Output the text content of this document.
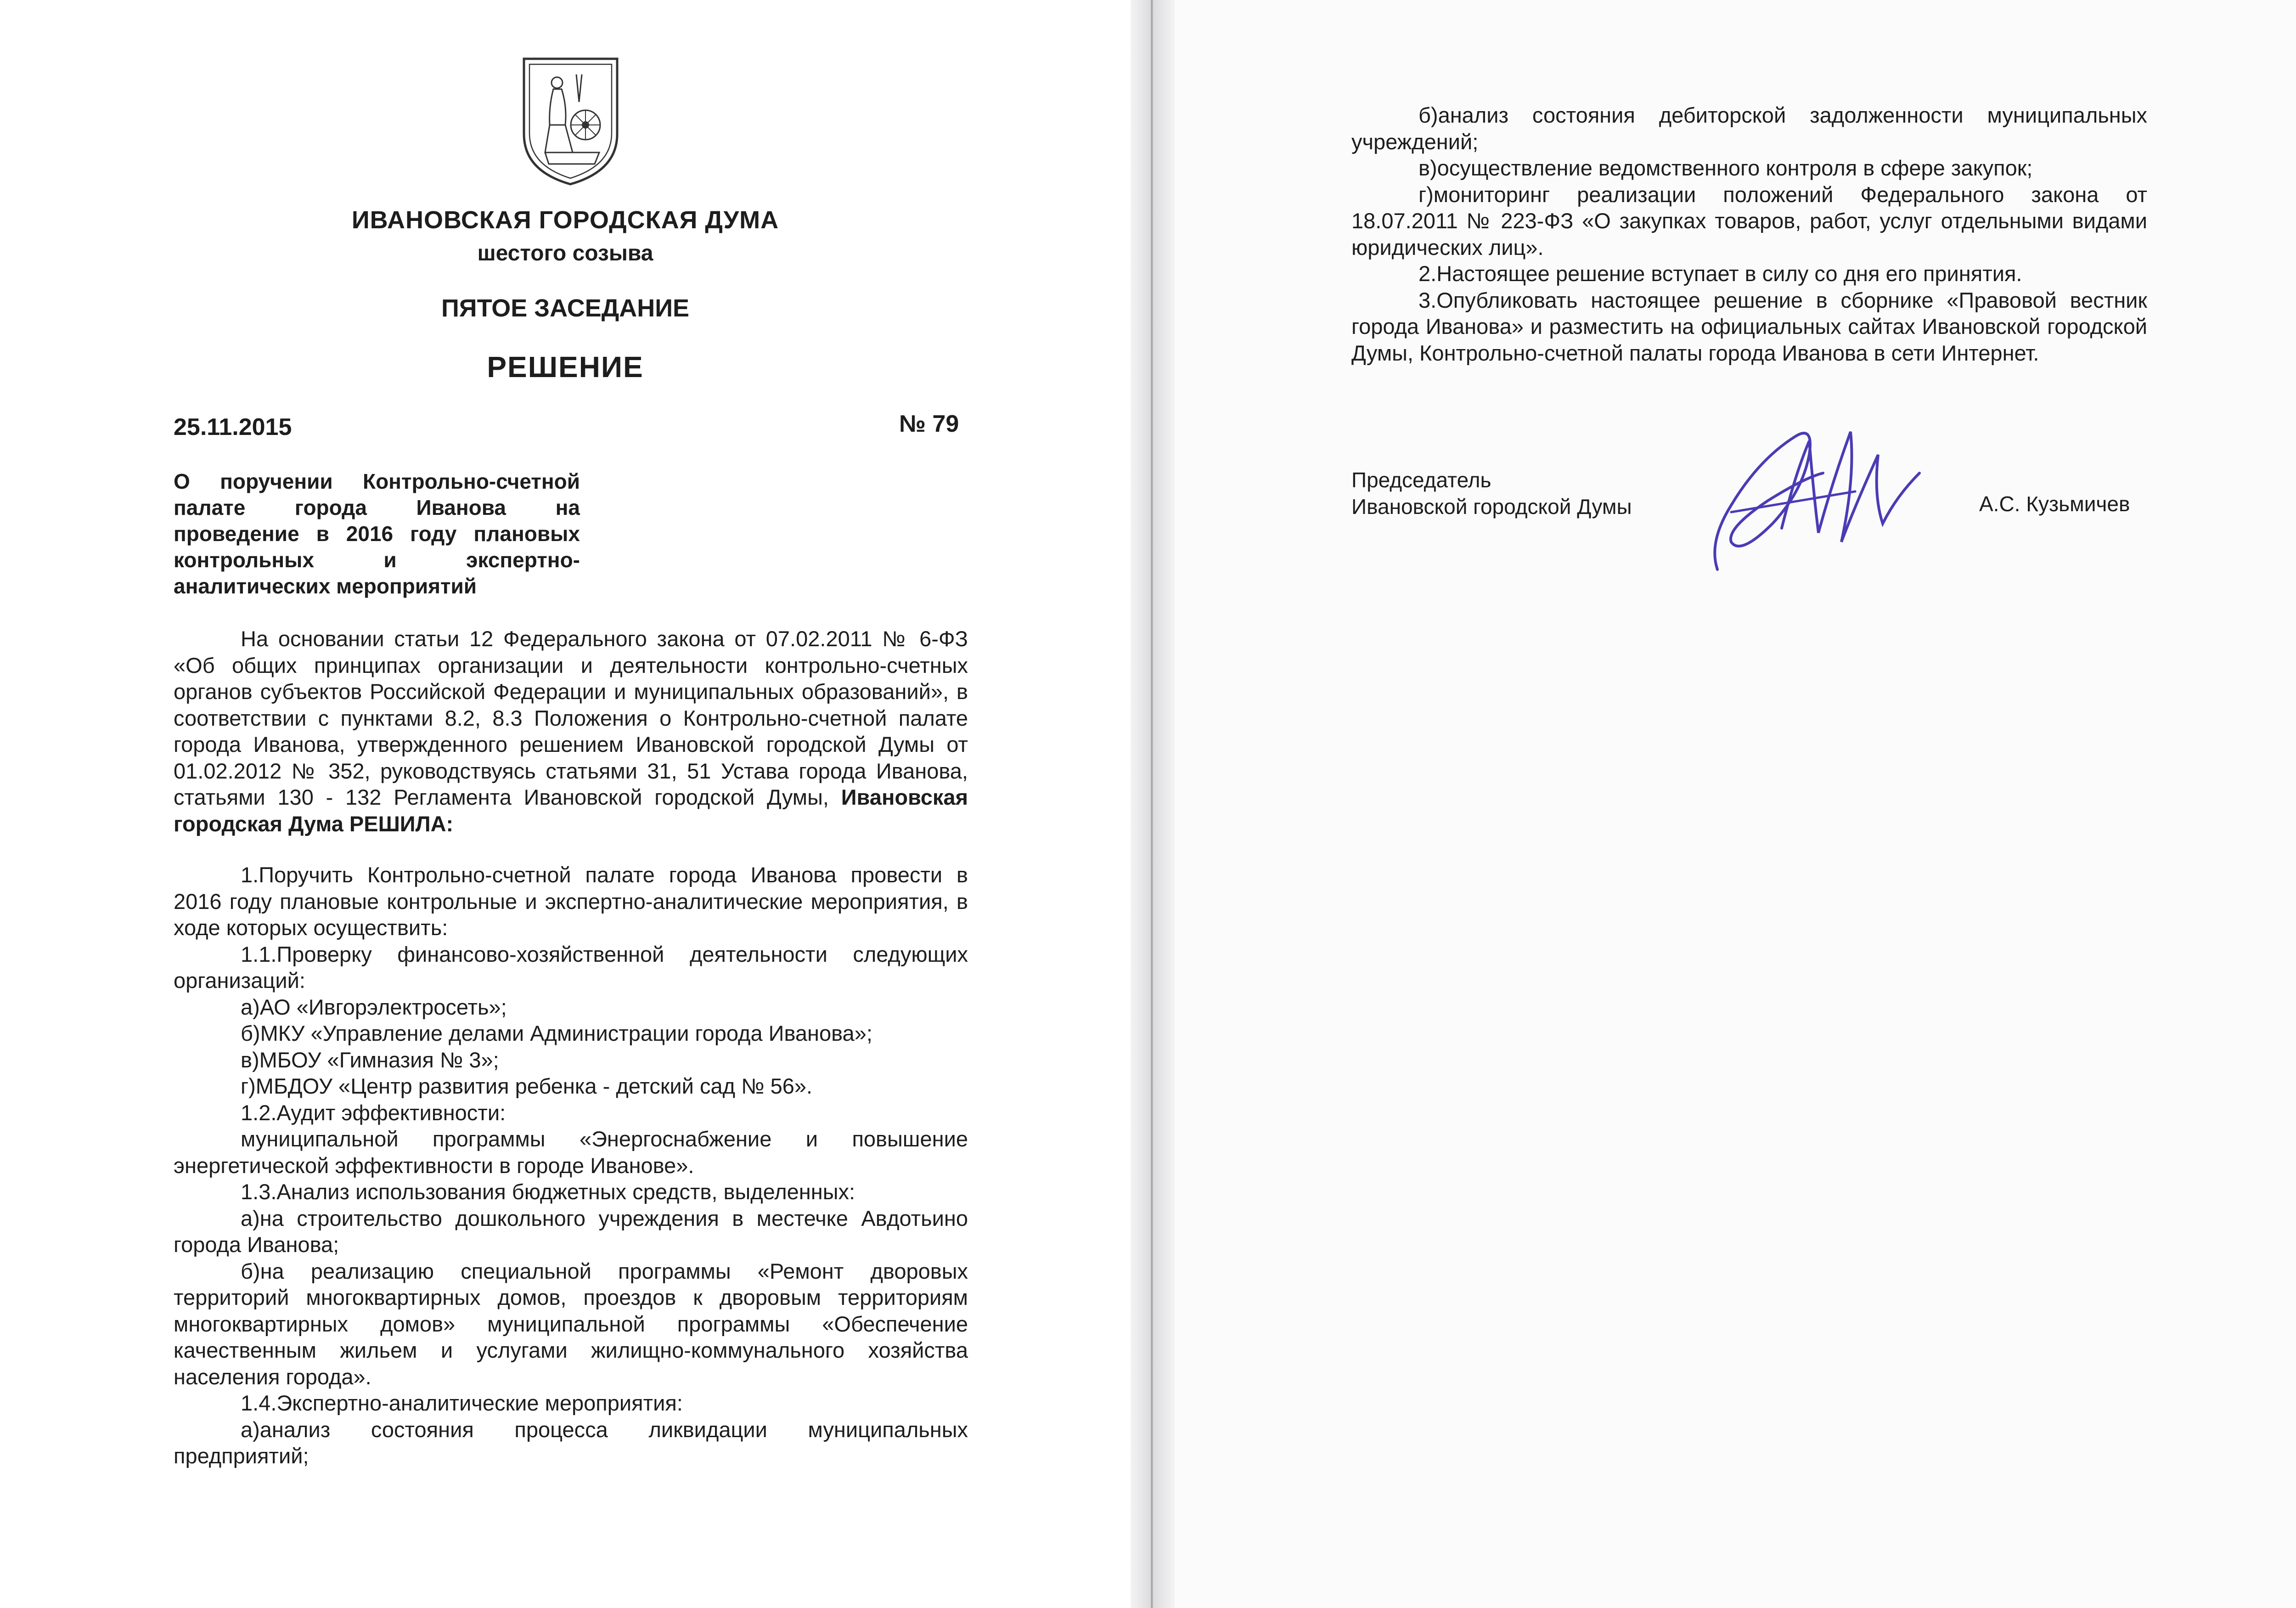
ИВАНОВСКАЯ ГОРОДСКАЯ ДУМА
шестого созыва
ПЯТОЕ ЗАСЕДАНИЕ
РЕШЕНИЕ
25.11.2015	№ 79
О поручении Контрольно-счетной палате города Иванова на проведение в 2016 году плановых контрольных и экспертно-аналитических мероприятий

На основании статьи 12 Федерального закона от 07.02.2011 № 6-ФЗ «Об общих принципах организации и деятельности контрольно-счетных органов субъектов Российской Федерации и муниципальных образований», в соответствии с пунктами 8.2, 8.3 Положения о Контрольно-счетной палате города Иванова, утвержденного решением Ивановской городской Думы от 01.02.2012 № 352, руководствуясь статьями 31, 51 Устава города Иванова, статьями 130 - 132 Регламента Ивановской городской Думы, Ивановская городская Дума РЕШИЛА:

1.Поручить Контрольно-счетной палате города Иванова провести в 2016 году плановые контрольные и экспертно-аналитические мероприятия, в ходе которых осуществить:

1.1.Проверку финансово-хозяйственной деятельности следующих организаций:

а)АО «Ивгорэлектросеть»;

б)МКУ «Управление делами Администрации города Иванова»;

в)МБОУ «Гимназия № 3»;

г)МБДОУ «Центр развития ребенка - детский сад № 56».

1.2.Аудит эффективности:

муниципальной программы «Энергоснабжение и повышение энергетической эффективности в городе Иванове».

1.3.Анализ использования бюджетных средств, выделенных:

а)на строительство дошкольного учреждения в местечке Авдотьино города Иванова;

б)на реализацию специальной программы «Ремонт дворовых территорий многоквартирных домов, проездов к дворовым территориям многоквартирных домов» муниципальной программы «Обеспечение качественным жильем и услугами жилищно-коммунального хозяйства населения города».

1.4.Экспертно-аналитические мероприятия:

а)анализ состояния процесса ликвидации муниципальных предприятий;

б)анализ состояния дебиторской задолженности муниципальных учреждений;

в)осуществление ведомственного контроля в сфере закупок;

г)мониторинг реализации положений Федерального закона от 18.07.2011 № 223-ФЗ «О закупках товаров, работ, услуг отдельными видами юридических лиц».

2.Настоящее решение вступает в силу со дня его принятия.

3.Опубликовать настоящее решение в сборнике «Правовой вестник города Иванова» и разместить на официальных сайтах Ивановской городской Думы, Контрольно-счетной палаты города Иванова в сети Интернет.

Председатель
Ивановской городской Думы	А.С. Кузьмичев
